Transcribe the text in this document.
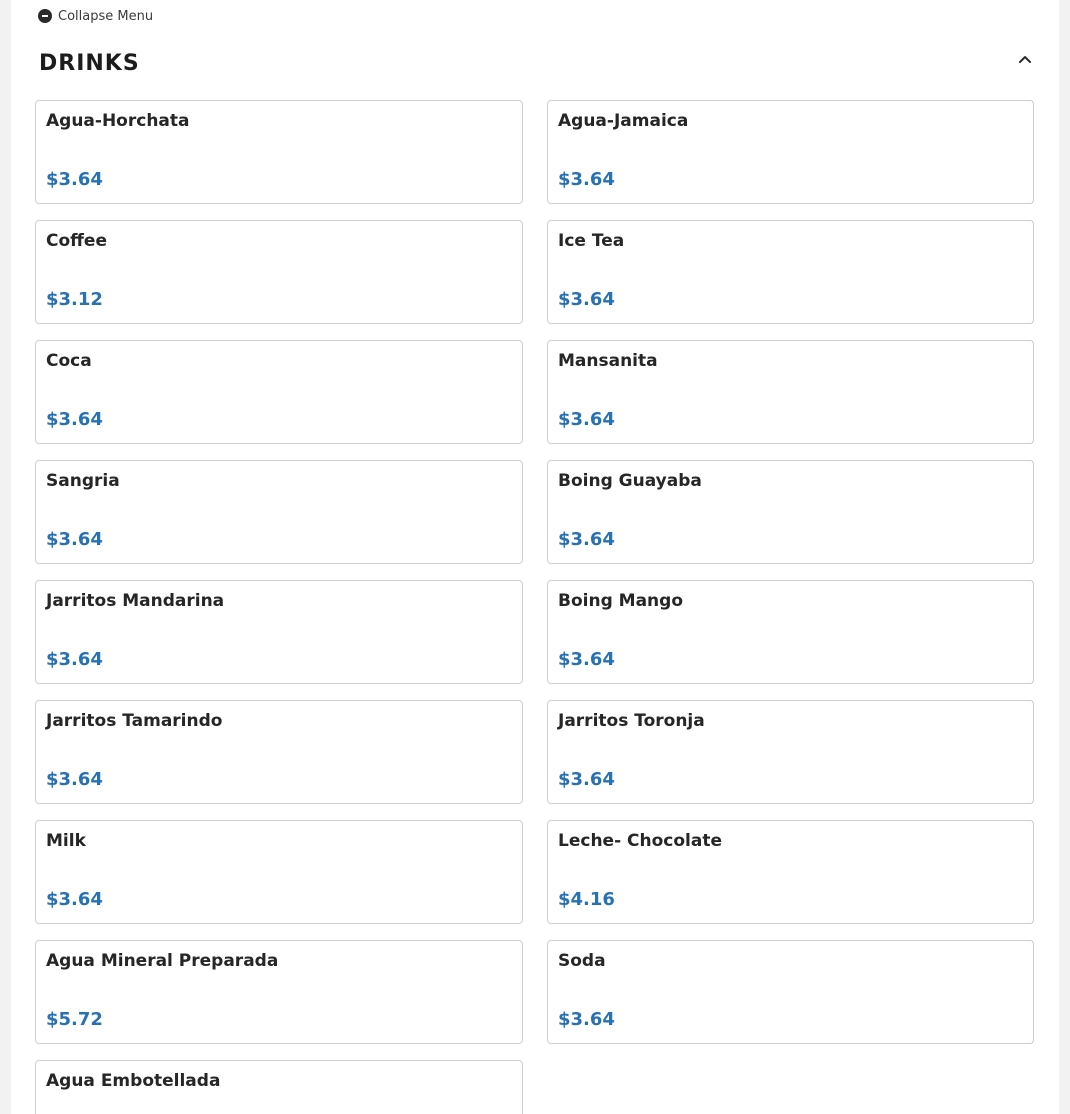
Collapse Menu
DRINKS
Agua-Horchata
$3.64
Agua-Jamaica
$3.64
Coffee
$3.12
Ice Tea
$3.64
Coca
$3.64
Mansanita
$3.64
Sangria
$3.64
Boing Guayaba
$3.64
Jarritos Mandarina
$3.64
Boing Mango
$3.64
Jarritos Tamarindo
$3.64
Jarritos Toronja
$3.64
Milk
$3.64
Leche- Chocolate
$4.16
Agua Mineral Preparada
$5.72
Soda
$3.64
Agua Embotellada
